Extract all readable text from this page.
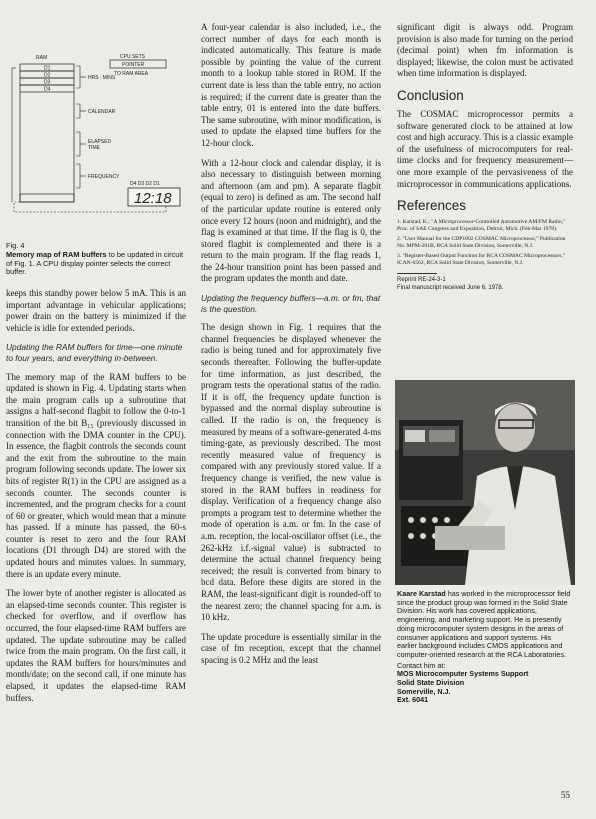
RAM
D1
D2
D3
D4
CPU SETS
POINTER
TO RAM AREA
HRS : MINS
CALENDAR
ELAPSED
TIME
FREQUENCY
D4 D3 D2 D1
12:18
Fig. 4
Memory map of RAM buffers to be updated in circuit of Fig. 1. A CPU display pointer selects the correct buffer.

keeps this standby power below 5 mA. This is an important advantage in vehicular applications; power drain on the battery is minimized if the vehicle is idle for extended periods.

Updating the RAM buffers for time—one minute to four years, and everything in-between.

The memory map of the RAM buffers to be updated is shown in Fig. 4. Updating starts when the main program calls up a subroutine that assigns a half-second flagbit to follow the 0-to-1 transition of the bit B₁₅ (previously discussed in connection with the DMA counter in the CPU). In essence, the flagbit controls the seconds count and the exit from the subroutine to the main program following seconds update. The lower six bits of register R(1) in the CPU are assigned as a seconds counter. The seconds counter is incremented, and the program checks for a count of 60 or greater, which would mean that a minute has passed. If a minute has passed, the 60-s counter is reset to zero and the four RAM locations (D1 through D4) are stored with the updated hours and minutes values. In summary, there is an update every minute.

The lower byte of another register is allocated as an elapsed-time seconds counter. This register is checked for overflow, and if overflow has occurred, the four elapsed-time RAM buffers are updated. The update subroutine may be called twice from the main program. On the first call, it updates the RAM buffers for hours/minutes and month/date; on the second call, if one minute has elapsed, it updates the elapsed-time RAM buffers.

A four-year calendar is also included, i.e., the correct number of days for each month is indicated automatically. This feature is made possible by pointing the value of the current month to a lookup table stored in ROM. If the current date is less than the table entry, no action is required; if the current date is greater than the table entry, 01 is entered into the date buffers. The same subroutine, with minor modification, is used to update the elapsed time buffers for the 12-hour clock.

With a 12-hour clock and calendar display, it is also necessary to distinguish between morning and afternoon (am and pm). A separate flagbit (equal to zero) is defined as am. The second half of the particular update routine is entered only once every 12 hours (noon and midnight), and the flag is examined at that time. If the flag is 0, the stored flagbit is complemented and there is a return to the main program. If the flag reads 1, the 24-hour transition point has been passed and the program updates the month and date.

Updating the frequency buffers—a.m. or fm, that is the question.

The design shown in Fig. 1 requires that the channel frequencies be displayed whenever the radio is being tuned and for approximately five seconds thereafter. Following the buffer-update for time information, as just described, the program tests the operational status of the radio. If it is off, the frequency update function is bypassed and the normal display subroutine is called. If the radio is on, the frequency is measured by means of a software-generated 4-ms timing-gate, as previously described. The most recently measured value of frequency is compared with any previously stored value. If a frequency change is verified, the new value is stored in the RAM buffers in readiness for display. Verification of a frequency change also prompts a program test to determine whether the mode of operation is a.m. or fm. In the case of a.m. reception, the local-oscillator offset (i.e., the 262-kHz i.f.-signal value) is subtracted to determine the actual channel frequency being received; the result is converted from binary to bcd data. Before these digits are stored in the RAM, the least-significant digit is rounded-off to the nearest zero; the channel spacing for a.m. is 10 kHz.

The update procedure is essentially similar in the case of fm reception, except that the channel spacing is 0.2 MHz and the least

significant digit is always odd. Program provision is also made for turning on the period (decimal point) when fm information is displayed; likewise, the colon must be activated when time information is displayed.

Conclusion

The COSMAC microprocessor permits a software generated clock to be attained at low cost and high accuracy. This is a classic example of the usefulness of microcomputers for real-time clocks and for frequency measurement—one more example of the pervasiveness of the microprocessor in communications applications.

References

1. Karstad, K.; "A Microprocessor-Controlled Automotive AM/FM Radio," Proc. of SAE Congress and Exposition, Detroit, Mich. (Feb-Mar 1978).

2. "User Manual for the CDP1802 COSMAC Microprocessor," Publication No. MPM-201B, RCA Solid State Division, Somerville, N.J.

3. "Register-Based Output Function for RCA COSMAC Microprocessors," ICAN-6562, RCA Solid State Division, Somerville, N.J.

Reprint RE-24-3-1
Final manuscript received June 6, 1978.

Kaare Karstad has worked in the microprocessor field since the product group was formed in the Solid State Division. His work has covered applications, engineering, and marketing support. He is presently doing microcomputer system designs in the areas of consumer applications and support systems. His earlier background includes CMOS applications and computer-oriented research at the RCA Laboratories.

Contact him at:

MOS Microcomputer Systems Support
Solid State Division
Somerville, N.J.
Ext. 6041
55
